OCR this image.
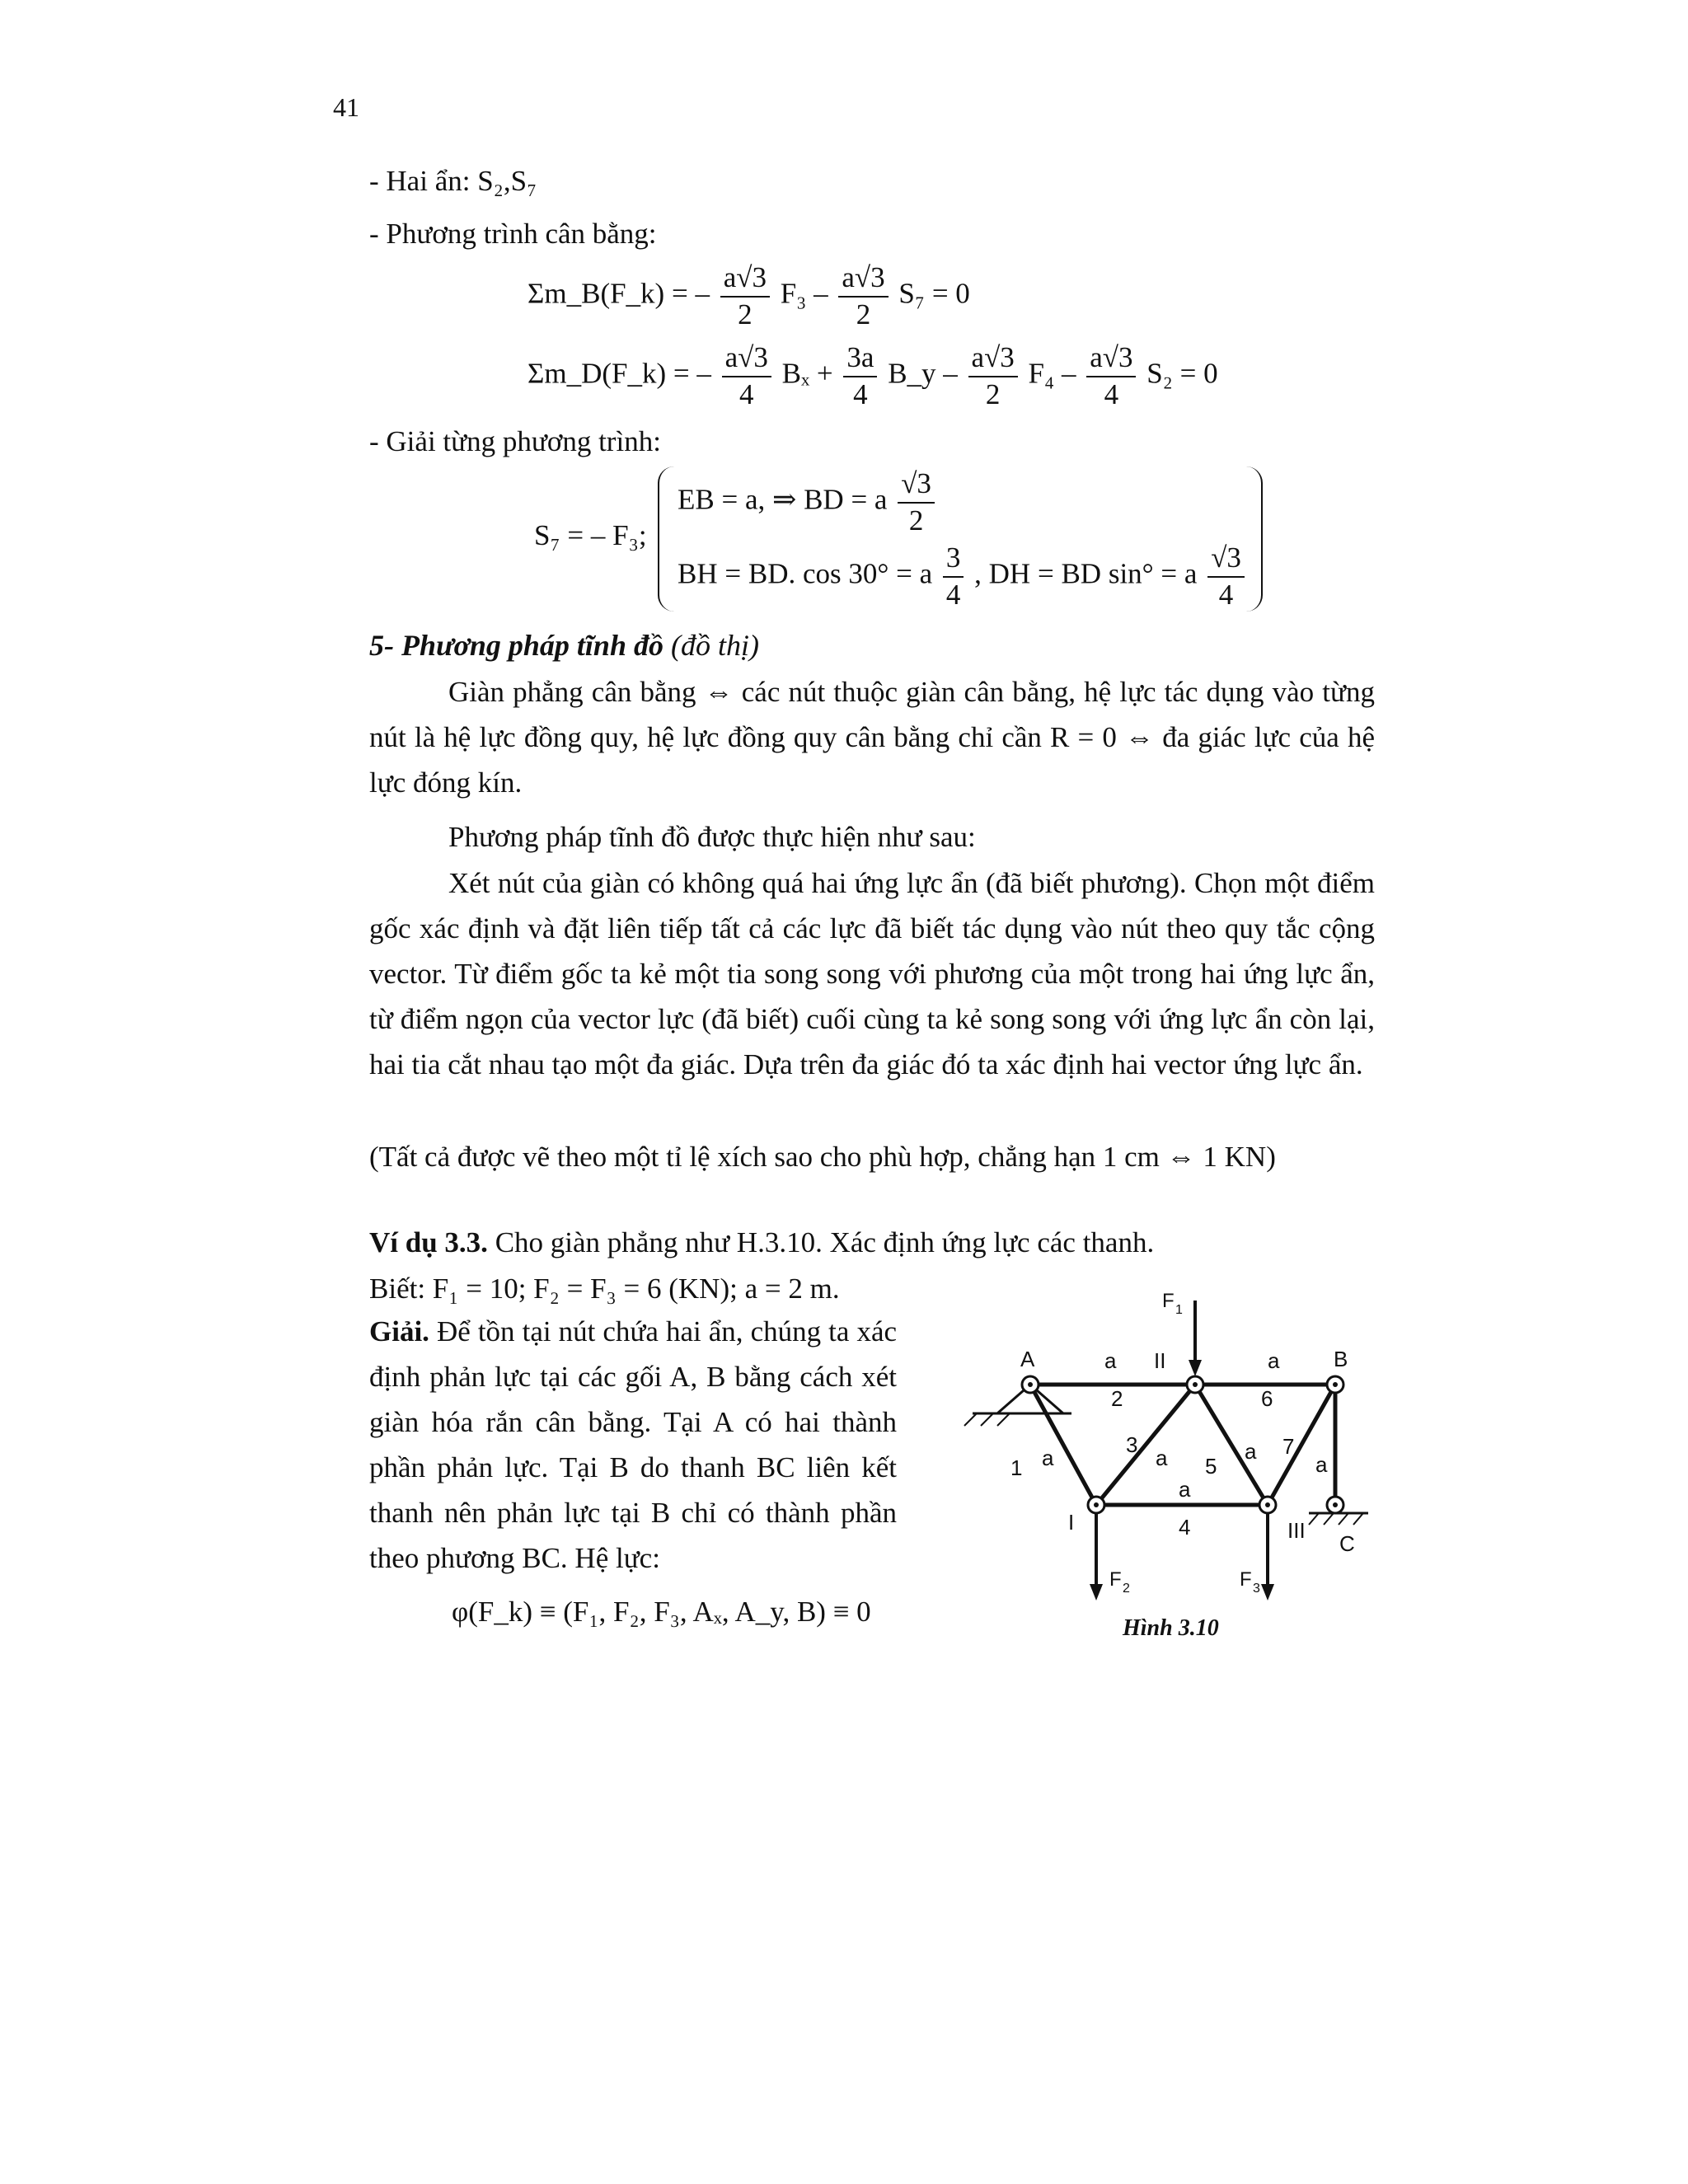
41
- Hai ẩn: S₂,S₇
- Phương trình cân bằng:
Σm_B(F_k) = – $\frac{a√3}{2} F_3 - \frac{a√3}{2} S_7 = 0$
Σm_D(F_k) = – $\frac{a√3}{4}$ $B_x + \frac{3a}{4}$ B_y – $\frac{a√3}{2} F_4 - \frac{a√3}{4} S_2 = 0$
- Giải từng phương trình:
S₇ = – F₃;
EB = a, ⇒ BD = a $\frac{√3}{2}$
BH = BD. cos 30° = a $\frac{3}{4}$ , DH = BD sin° = a $\frac{√3}{4}$
5- Phương pháp tĩnh đồ (đồ thị)
Giàn phẳng cân bằng ⇔ các nút thuộc giàn cân bằng, hệ lực tác dụng vào từng nút là hệ lực đồng quy, hệ lực đồng quy cân bằng chỉ cần R = 0 ⇔ đa giác lực của hệ lực đóng kín.
Phương pháp tĩnh đồ được thực hiện như sau:
Xét nút của giàn có không quá hai ứng lực ẩn (đã biết phương). Chọn một điểm gốc xác định và đặt liên tiếp tất cả các lực đã biết tác dụng vào nút theo quy tắc cộng vector. Từ điểm gốc ta kẻ một tia song song với phương của một trong hai ứng lực ẩn, từ điểm ngọn của vector lực (đã biết) cuối cùng ta kẻ song song với ứng lực ẩn còn lại, hai tia cắt nhau tạo một đa giác. Dựa trên đa giác đó ta xác định hai vector ứng lực ẩn.
(Tất cả được vẽ theo một tỉ lệ xích sao cho phù hợp, chẳng hạn 1 cm ⇔ 1 KN)
Ví dụ 3.3. Cho giàn phẳng như H.3.10. Xác định ứng lực các thanh.
Biết: F₁ = 10; F₂ = F₃ = 6 (KN); a = 2 m.
Giải. Để tồn tại nút chứa hai ẩn, chúng ta xác định phản lực tại các gối A, B bằng cách xét giàn hóa rắn cân bằng. Tại A có hai thành phần phản lực. Tại B do thanh BC liên kết thanh nên phản lực tại B chỉ có thành phần theo phương BC. Hệ lực:
φ(F_k) ≡ (F₁, F₂, F₃, Aₓ, A_y, B) ≡ 0
A	B
C
I
II
III
a	a
a	a	a
a
a
1
2
3
4
5
6
7
F 1
F 2	F 3
Hình 3.10
